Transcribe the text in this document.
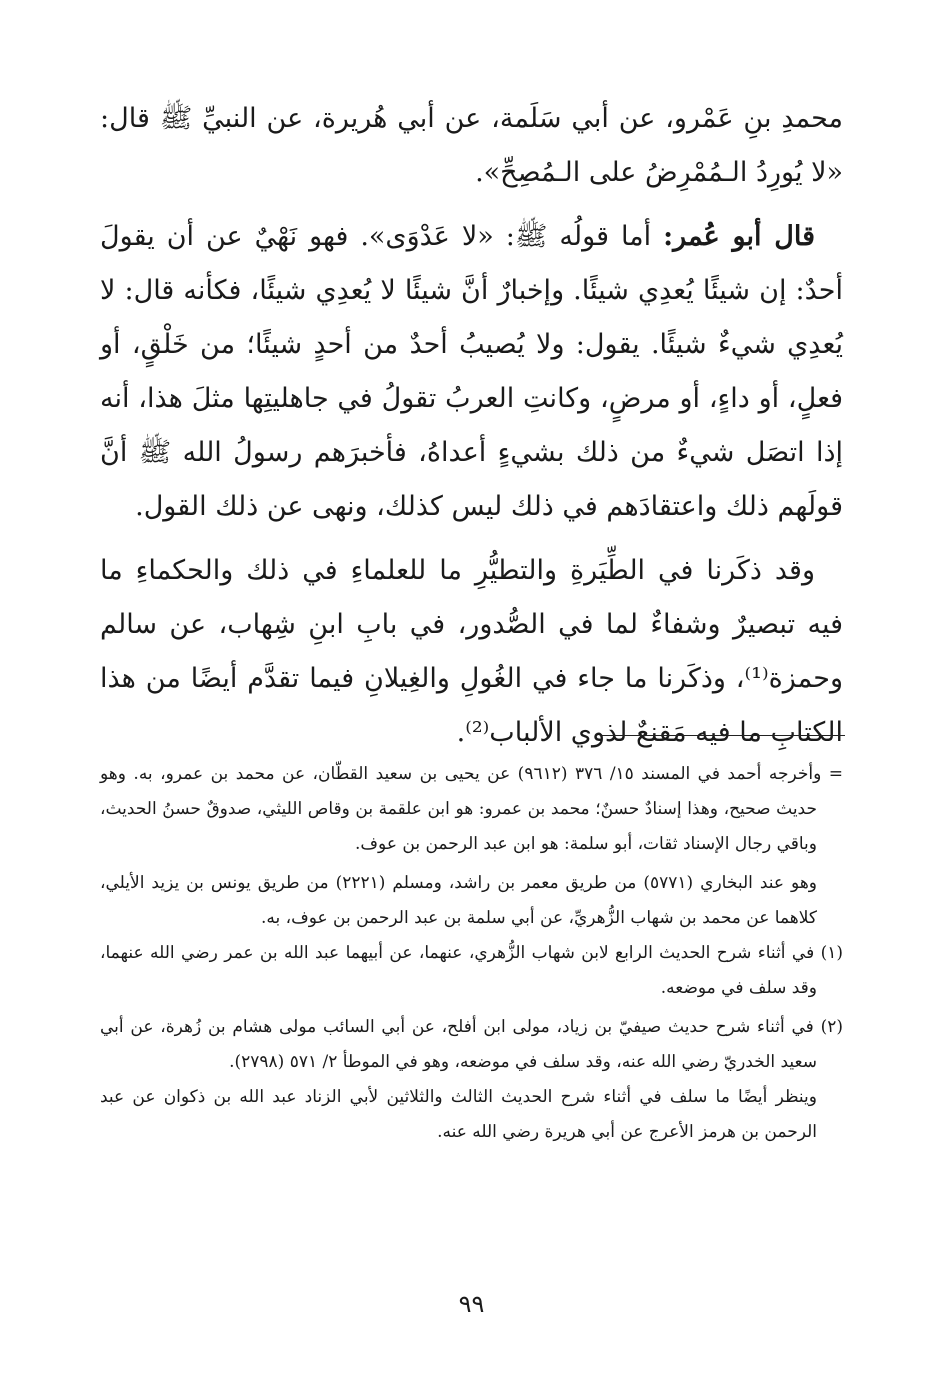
محمدِ بنِ عَمْرو، عن أبي سَلَمة، عن أبي هُريرة، عن النبيِّ ﷺ قال: «لا يُورِدُ الـمُمْرِضُ على الـمُصِحِّ».

قال أبو عُمر: أما قولُه ﷺ: «لا عَدْوَى». فهو نَهْيٌ عن أن يقولَ أحدٌ: إن شيئًا يُعدِي شيئًا. وإخبارٌ أنَّ شيئًا لا يُعدِي شيئًا، فكأنه قال: لا يُعدِي شيءٌ شيئًا. يقول: ولا يُصيبُ أحدٌ من أحدٍ شيئًا؛ من خَلْقٍ، أو فعلٍ، أو داءٍ، أو مرضٍ، وكانتِ العربُ تقولُ في جاهليتِها مثلَ هذا، أنه إذا اتصَل شيءٌ من ذلك بشيءٍ أعداهُ، فأخبرَهم رسولُ الله ﷺ أنَّ قولَهم ذلك واعتقادَهم في ذلك ليس كذلك، ونهى عن ذلك القول.

وقد ذكَرنا في الطِّيَرةِ والتطيُّرِ ما للعلماءِ في ذلك والحكماءِ ما فيه تبصيرٌ وشفاءٌ لما في الصُّدور، في بابِ ابنِ شِهاب، عن سالم وحمزة⁽¹⁾، وذكَرنا ما جاء في الغُولِ والغِيلانِ فيما تقدَّم أيضًا من هذا الكتابِ ما فيه مَقنعٌ لذوي الألباب⁽²⁾.

= وأخرجه أحمد في المسند ١٥/ ٣٧٦ (٩٦١٢) عن يحيى بن سعيد القطّان، عن محمد بن عمرو، به. وهو حديث صحيح، وهذا إسنادٌ حسنٌ؛ محمد بن عمرو: هو ابن علقمة بن وقاص الليثي، صدوقٌ حسنُ الحديث، وباقي رجال الإسناد ثقات، أبو سلمة: هو ابن عبد الرحمن بن عوف.

وهو عند البخاري (٥٧٧١) من طريق معمر بن راشد، ومسلم (٢٢٢١) من طريق يونس بن يزيد الأيلي، كلاهما عن محمد بن شهاب الزُّهريِّ، عن أبي سلمة بن عبد الرحمن بن عوف، به.

(١) في أثناء شرح الحديث الرابع لابن شهاب الزُّهري، عنهما، عن أبيهما عبد الله بن عمر رضي الله عنهما، وقد سلف في موضعه.

(٢) في أثناء شرح حديث صيفيّ بن زياد، مولى ابن أفلح، عن أبي السائب مولى هشام بن زُهرة، عن أبي سعيد الخدريّ رضي الله عنه، وقد سلف في موضعه، وهو في الموطأ ٢/ ٥٧١ (٢٧٩٨).

وينظر أيضًا ما سلف في أثناء شرح الحديث الثالث والثلاثين لأبي الزناد عبد الله بن ذكوان عن عبد الرحمن بن هرمز الأعرج عن أبي هريرة رضي الله عنه.

٩٩
